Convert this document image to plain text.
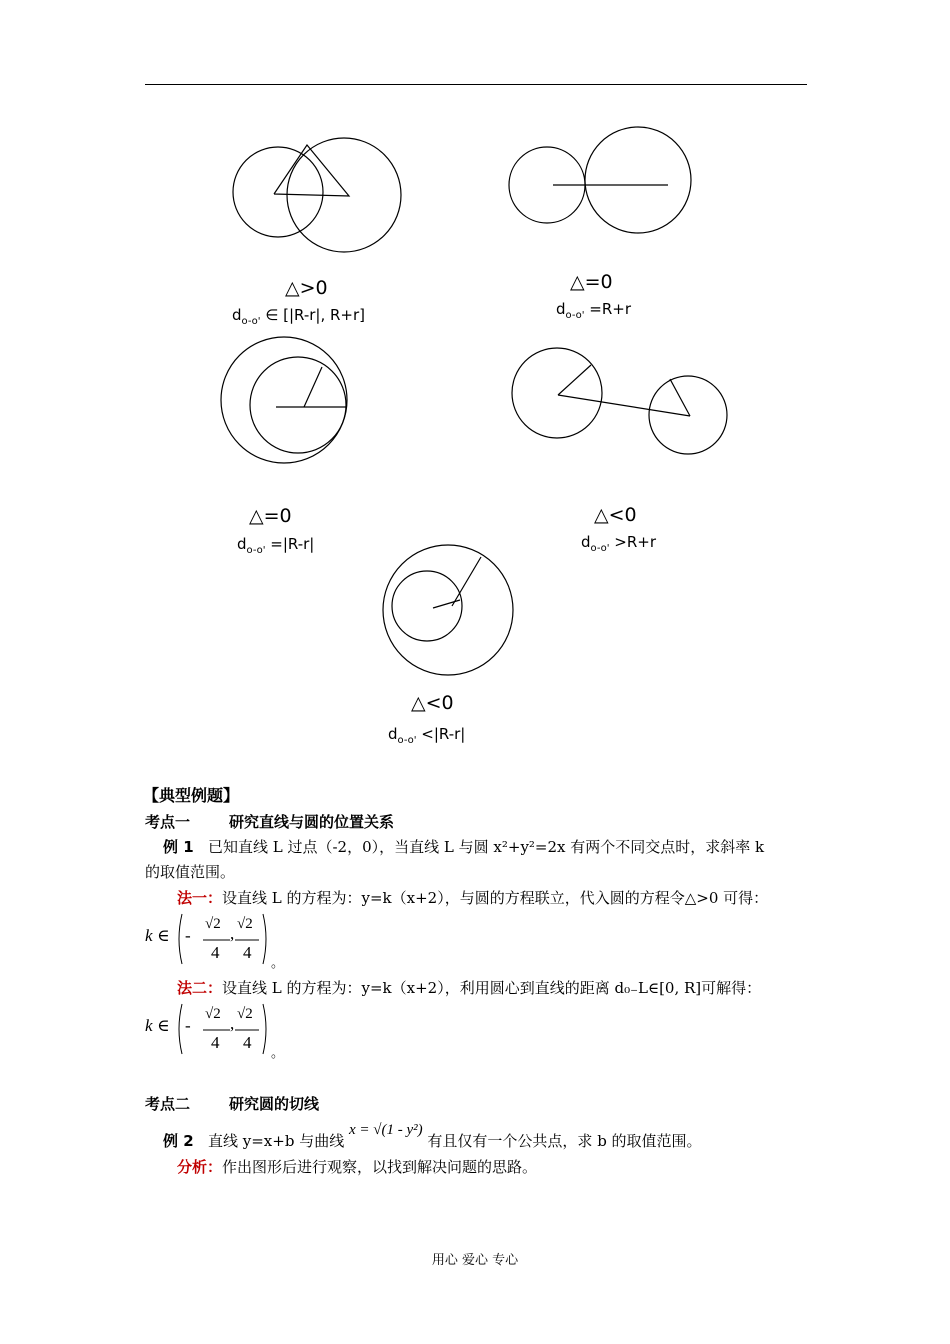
△>0
$d_{o-o'}$ ∈ [|R-r|, R+r]
△=0
$d_{o-o'} =R+r$
△=0
$d_{o-o'} =|R-r|$
△<0
$d_{o-o'} >R+r$
△<0
$d_{o-o'} <|R-r|$
【典型例题】
考点一	研究直线与圆的位置关系
例 1 已知直线 L 过点（-2，0），当直线 L 与圆 x²+y²=2x 有两个不同交点时，求斜率 k
的取值范围。
法一：设直线 L 的方程为：y=k（x+2），与圆的方程联立，代入圆的方程令△>0 可得：
k ∈ -
√2
4
, √2
4
。
法二：设直线 L 的方程为：y=k（x+2），利用圆心到直线的距离 d₀₋L∈[0, R]可解得：
k ∈ -
√2
4
, √2
4
。
考点二	研究圆的切线
例 2 直线 y=x+b 与曲线 x = √(1 - y²) 有且仅有一个公共点，求 b 的取值范围。
分析：作出图形后进行观察，以找到解决问题的思路。
用心 爱心 专心
